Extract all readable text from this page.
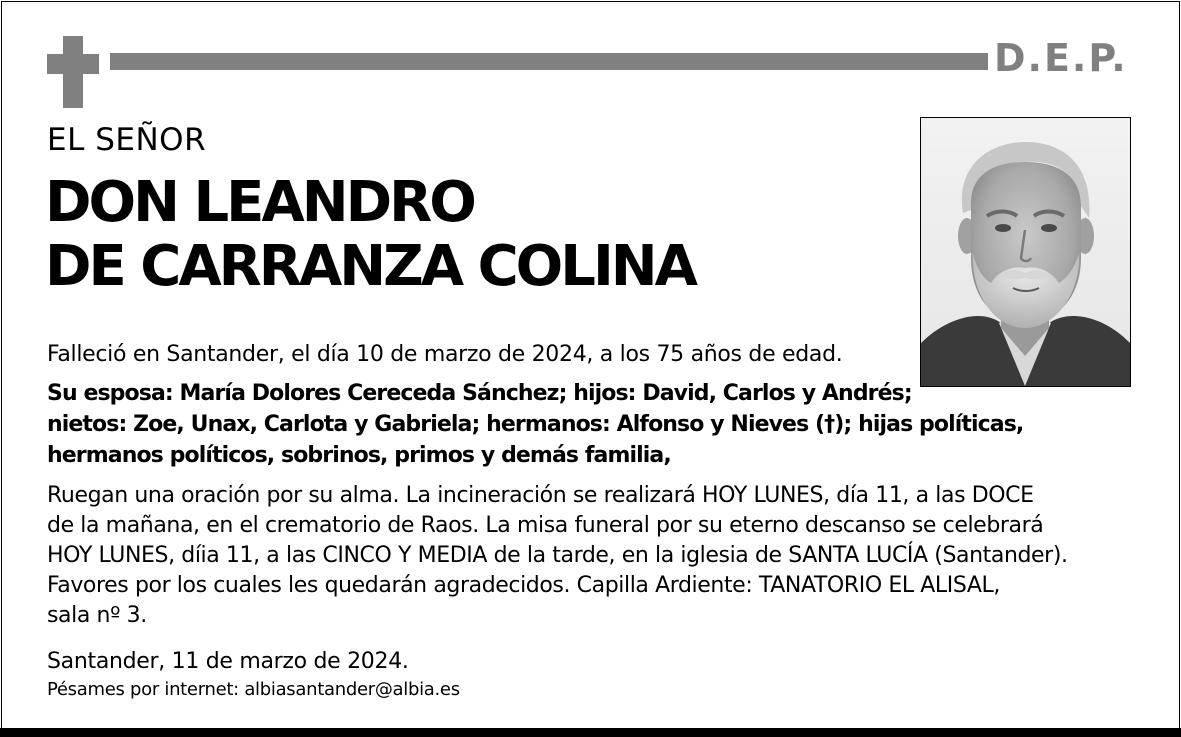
D.E.P.
EL SEÑOR
DON LEANDRO
DE CARRANZA COLINA
Falleció en Santander, el día 10 de marzo de 2024, a los 75 años de edad.
Su esposa: María Dolores Cereceda Sánchez; hijos: David, Carlos y Andrés;
nietos: Zoe, Unax, Carlota y Gabriela; hermanos: Alfonso y Nieves (†); hijas políticas,
hermanos políticos, sobrinos, primos y demás familia,
Ruegan una oración por su alma. La incineración se realizará HOY LUNES, día 11, a las DOCE
de la mañana, en el crematorio de Raos. La misa funeral por su eterno descanso se celebrará
HOY LUNES, díia 11, a las CINCO Y MEDIA de la tarde, en la iglesia de SANTA LUCÍA (Santander).
Favores por los cuales les quedarán agradecidos. Capilla Ardiente: TANATORIO EL ALISAL,
sala nº 3.
Santander, 11 de marzo de 2024.
Pésames por internet: albiasantander@albia.es
